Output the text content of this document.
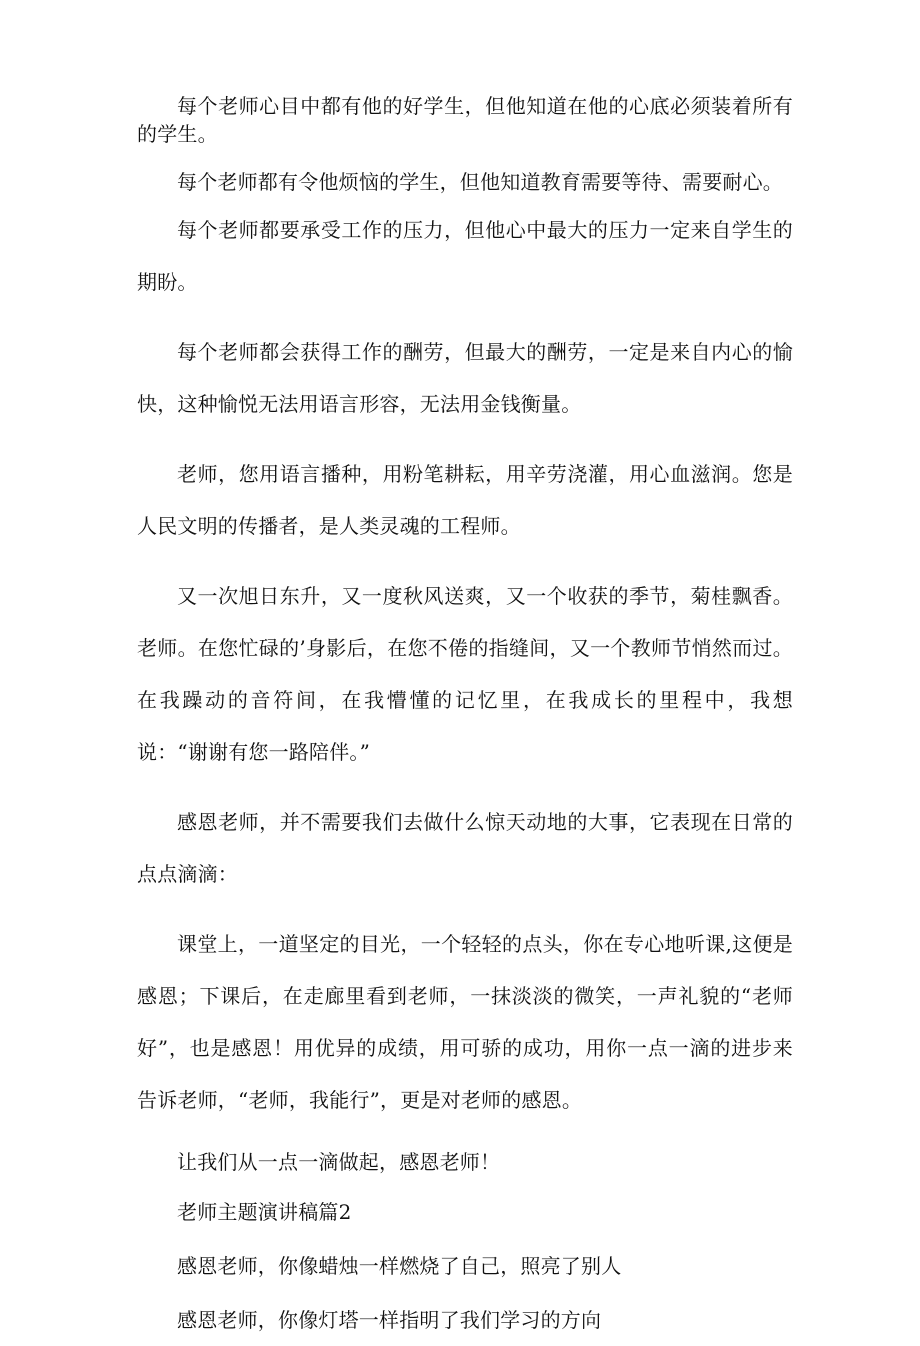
每个老师心目中都有他的好学生，但他知道在他的心底必须装着所有的学生。

每个老师都有令他烦恼的学生，但他知道教育需要等待、需要耐心。

每个老师都要承受工作的压力，但他心中最大的压力一定来自学生的期盼。

每个老师都会获得工作的酬劳，但最大的酬劳，一定是来自内心的愉快，这种愉悦无法用语言形容，无法用金钱衡量。

老师，您用语言播种，用粉笔耕耘，用辛劳浇灌，用心血滋润。您是人民文明的传播者，是人类灵魂的工程师。

又一次旭日东升，又一度秋风送爽，又一个收获的季节，菊桂飘香。老师。在您忙碌的’身影后，在您不倦的指缝间，又一个教师节悄然而过。在我躁动的音符间，在我懵懂的记忆里，在我成长的里程中，我想说：“谢谢有您一路陪伴。”

感恩老师，并不需要我们去做什么惊天动地的大事，它表现在日常的点点滴滴：

课堂上，一道坚定的目光，一个轻轻的点头，你在专心地听课,这便是感恩；下课后，在走廊里看到老师，一抹淡淡的微笑，一声礼貌的“老师好”，也是感恩！用优异的成绩，用可骄的成功，用你一点一滴的进步来告诉老师，“老师，我能行”，更是对老师的感恩。

让我们从一点一滴做起，感恩老师！

老师主题演讲稿篇2

感恩老师，你像蜡烛一样燃烧了自己，照亮了别人

感恩老师，你像灯塔一样指明了我们学习的方向
